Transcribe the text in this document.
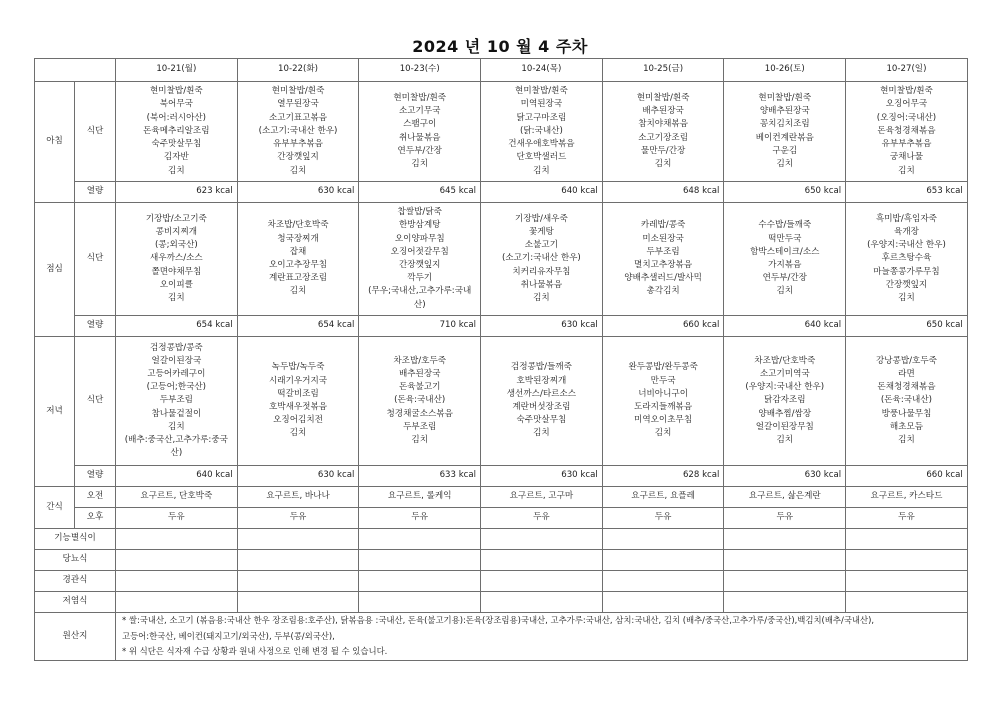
2024 년 10 월 4 주차
		10-21(월)	10-22(화)	10-23(수)	10-24(목)	10-25(금)	10-26(토)	10-27(일)
아침	식단	
현미찰밥/흰죽
북어무국
(북어:러시아산)
돈육메추리알조림
숙주맛살무침
김자반
김치

현미찰밥/흰죽
열무된장국
소고기표고볶음
(소고기:국내산 한우)
유부부추볶음
간장깻잎지
김치

현미찰밥/흰죽
소고기무국
스팸구이
취나물볶음
연두부/간장
김치

현미찰밥/흰죽
미역된장국
닭고구마조림
(닭:국내산)
건새우애호박볶음
단호박샐러드
김치

현미찰밥/흰죽
배추된장국
참치야채볶음
소고기장조림
물만두/간장
김치

현미찰밥/흰죽
양배추된장국
꽁치김치조림
베이컨계란볶음
구운김
김치

현미찰밥/흰죽
오징어무국
(오징어:국내산)
돈육청경채볶음
유부부추볶음
궁채나물
김치

	열량	623 kcal	630 kcal	645 kcal	640 kcal	648 kcal	650 kcal	653 kcal
점심	식단	
기장밥/소고기죽
콩비지찌개
(콩;외국산)
새우까스/소스
쫄면야채무침
오이피클
김치

차조밥/단호박죽
청국장찌개
잡채
오이고추장무침
계란표고장조림
김치

찹쌀밥/닭죽
한방삼계탕
오이양파무침
오징어젓갈무침
간장깻잎지
깍두기
(무우;국내산,고추가루:국내산)

기장밥/새우죽
꽃게탕
소불고기
(소고기:국내산 한우)
치커리유자무침
취나물볶음
김치

카레밥/콩죽
미소된장국
두부조림
멸치고추장볶음
양배추샐러드/발사믹
총각김치

수수밥/들깨죽
떡만두국
함박스테이크/소스
가지볶음
연두부/간장
김치

흑미밥/흑임자죽
육개장
(우양지:국내산 한우)
후르츠탕수육
마늘쫑콩가루무침
간장깻잎지
김치

	열량	654 kcal	654 kcal	710 kcal	630 kcal	660 kcal	640 kcal	650 kcal
저녁	식단	
검정콩밥/콩죽
얼갈이된장국
고등어카레구이
(고등어;한국산)
두부조림
참나물겉절이
김치
(배추:중국산,고추가루:중국산)

녹두밥/녹두죽
시래기우거지국
떡갈비조림
호박새우젓볶음
오징어김치전
김치

차조밥/호두죽
배추된장국
돈육불고기
(돈육:국내산)
청경채굴소스볶음
두부조림
김치

검정콩밥/들깨죽
호박된장찌개
생선까스/타르소스
계란버섯장조림
숙주맛살무침
김치

완두콩밥/완두콩죽
만두국
너비아니구이
도라지들깨볶음
미역오이초무침
김치

차조밥/단호박죽
소고기미역국
(우양지:국내산 한우)
닭감자조림
양배추찜/쌈장
얼갈이된장무침
김치

강낭콩밥/호두죽
라면
돈채청경채볶음
(돈육:국내산)
방풍나물무침
해초모듬
김치

	열량	640 kcal	630 kcal	633 kcal	630 kcal	628 kcal	630 kcal	660 kcal
간식	오전	요구르트, 단호박죽	요구르트, 바나나	요구르트, 롤케익	요구르트, 고구마	요구르트, 요플레	요구르트, 삶은계란	요구르트, 카스타드
	오후	두유	두유	두유	두유	두유	두유	두유
기능별식이								
당뇨식								
경관식								
저염식								
원산지		* 쌀:국내산, 소고기 (볶음용:국내산 한우 장조림용:호주산), 닭볶음용 :국내산, 돈육(불고기용):돈육(장조림용)국내산, 고추가루:국내산, 삼치:국내산, 김치 (배추/중국산,고추가루/중국산),백김치(배추/국내산),
고등어:한국산, 베이컨(돼지고기/외국산), 두부(콩/외국산),
* 위 식단은 식자재 수급 상황과 원내 사정으로 인해 변경 될 수 있습니다.						
